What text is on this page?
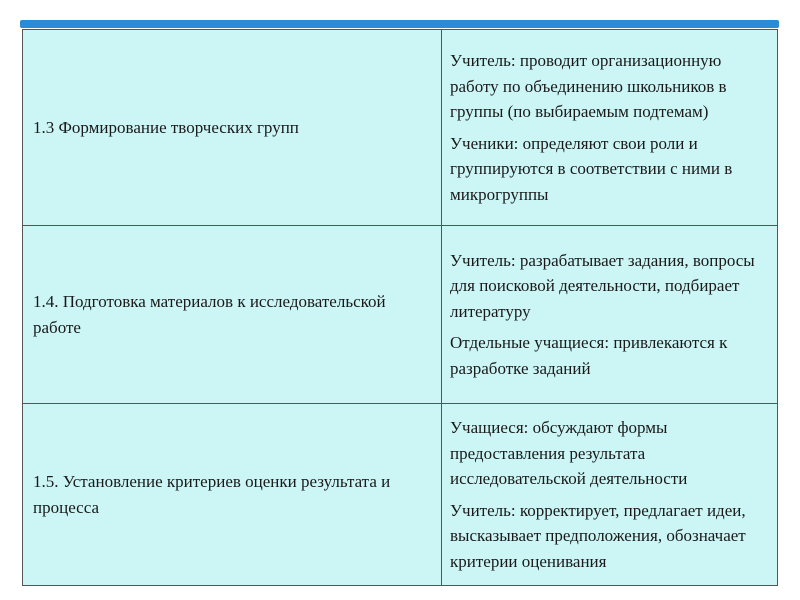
1.3 Формирование творческих групп	Учитель: проводит организационную работу по объединению школьников в группы (по выбираемым подтемам)

Ученики: определяют свои роли и группируются в соответствии с ними в микрогруппы

1.4. Подготовка материалов к исследовательской работе	Учитель: разрабатывает задания, вопросы для поисковой деятельности, подбирает литературу

Отдельные учащиеся: привлекаются к разработке заданий

1.5. Установление критериев оценки результата и процесса	Учащиеся: обсуждают формы предоставления результата исследовательской деятельности

Учитель: корректирует, предлагает идеи, высказывает предположения, обозначает критерии оценивания
